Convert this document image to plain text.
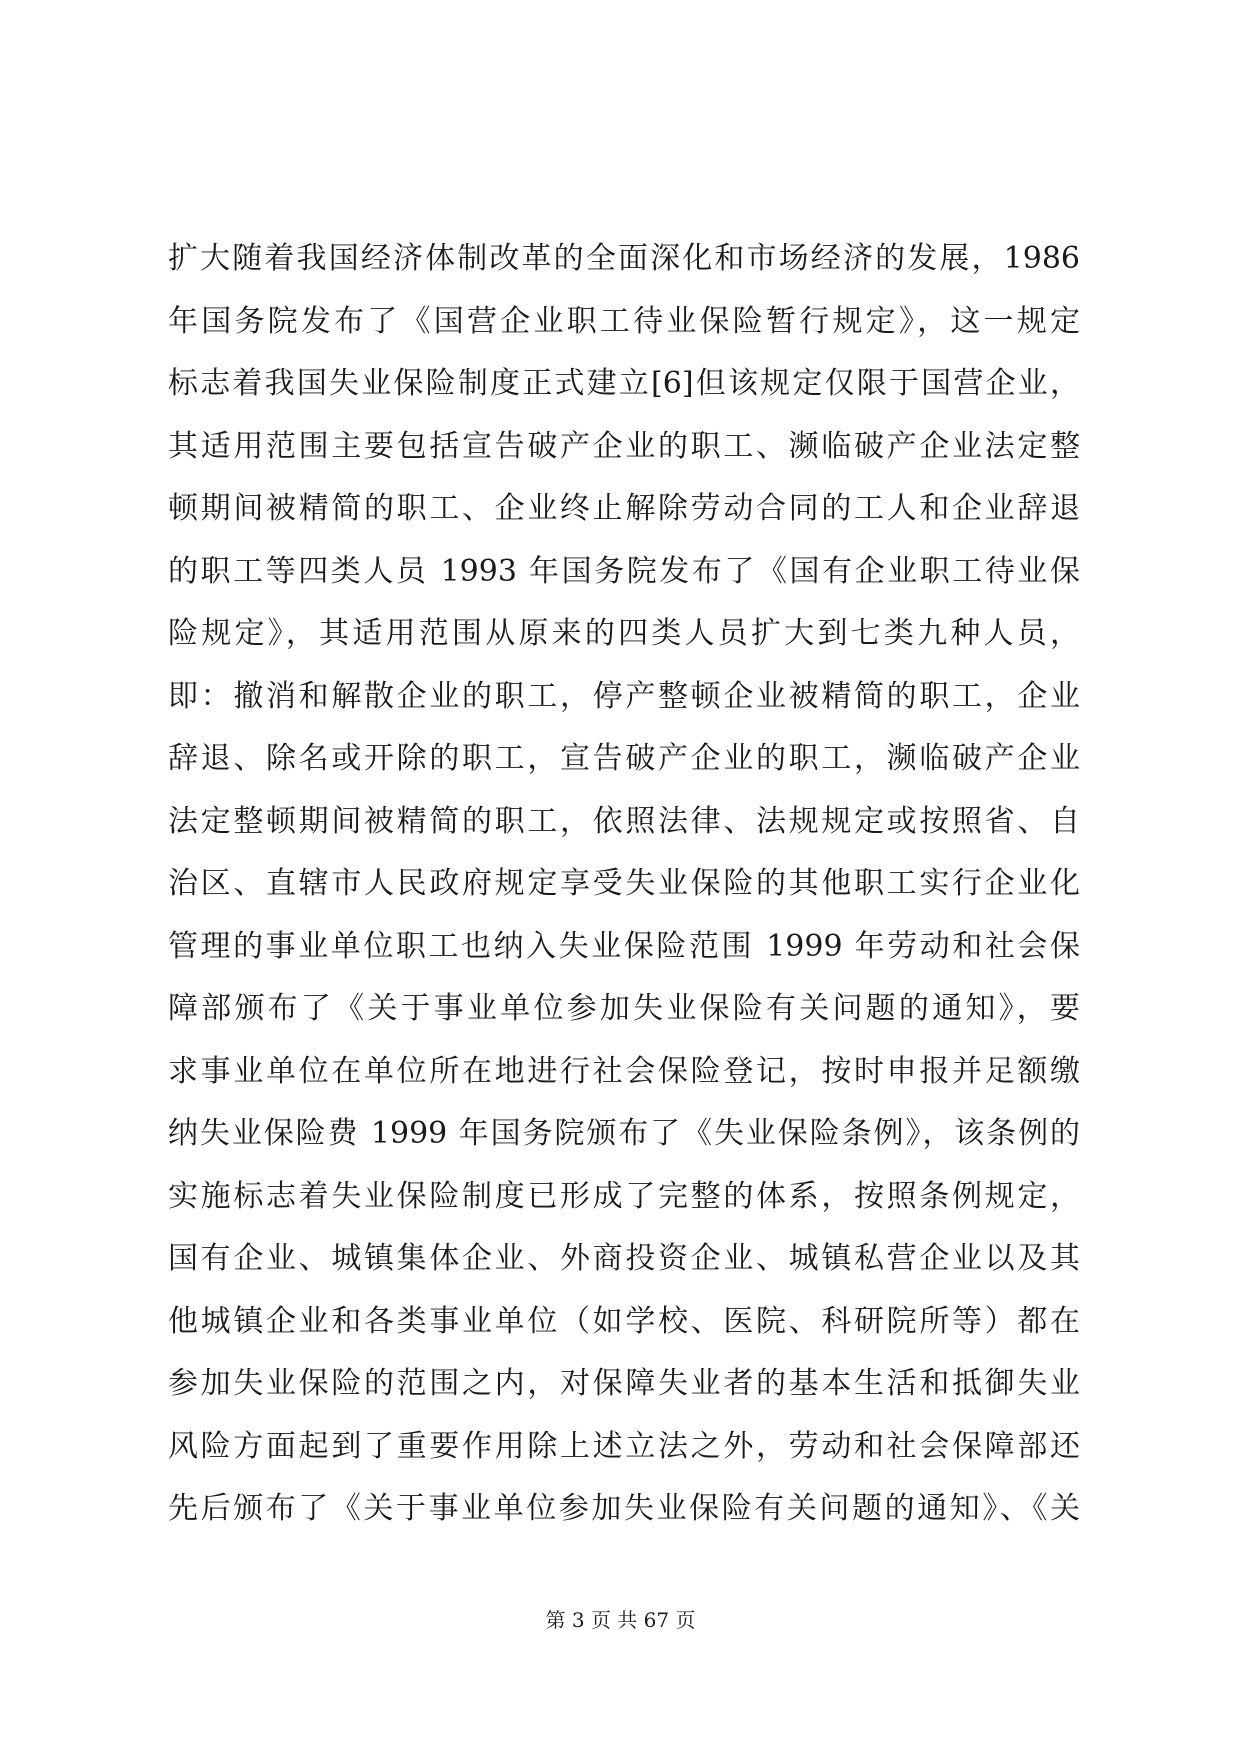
扩大随着我国经济体制改革的全面深化和市场经济的发展，1986
年国务院发布了《国营企业职工待业保险暂行规定》，这一规定
标志着我国失业保险制度正式建立[6]但该规定仅限于国营企业，
其适用范围主要包括宣告破产企业的职工、濒临破产企业法定整
顿期间被精简的职工、企业终止解除劳动合同的工人和企业辞退
的职工等四类人员 1993 年国务院发布了《国有企业职工待业保
险规定》，其适用范围从原来的四类人员扩大到七类九种人员，
即：撤消和解散企业的职工，停产整顿企业被精简的职工，企业
辞退、除名或开除的职工，宣告破产企业的职工，濒临破产企业
法定整顿期间被精简的职工，依照法律、法规规定或按照省、自
治区、直辖市人民政府规定享受失业保险的其他职工实行企业化
管理的事业单位职工也纳入失业保险范围 1999 年劳动和社会保
障部颁布了《关于事业单位参加失业保险有关问题的通知》，要
求事业单位在单位所在地进行社会保险登记，按时申报并足额缴
纳失业保险费 1999 年国务院颁布了《失业保险条例》，该条例的
实施标志着失业保险制度已形成了完整的体系，按照条例规定，
国有企业、城镇集体企业、外商投资企业、城镇私营企业以及其
他城镇企业和各类事业单位（如学校、医院、科研院所等）都在
参加失业保险的范围之内，对保障失业者的基本生活和抵御失业
风险方面起到了重要作用除上述立法之外，劳动和社会保障部还
先后颁布了《关于事业单位参加失业保险有关问题的通知》、《关
第 3 页 共 67 页
